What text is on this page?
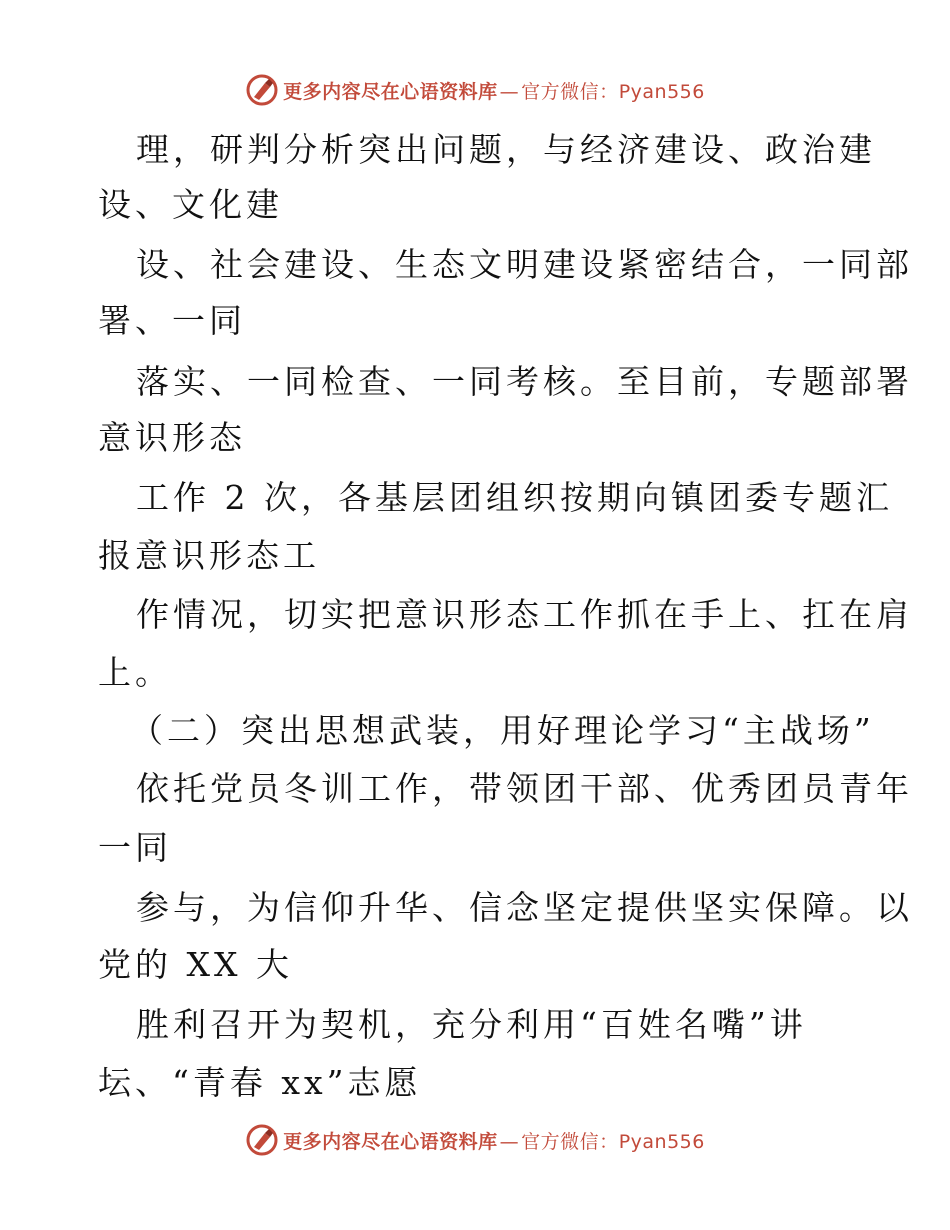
更多内容尽在心语资料库 — 官方微信：Pyan556
理，研判分析突出问题，与经济建设、政治建
设、文化建
设、社会建设、生态文明建设紧密结合，一同部
署、一同
落实、一同检查、一同考核。至目前，专题部署
意识形态
工作 2 次，各基层团组织按期向镇团委专题汇
报意识形态工
作情况，切实把意识形态工作抓在手上、扛在肩
上。
（二）突出思想武装，用好理论学习“主战场”
依托党员冬训工作，带领团干部、优秀团员青年
一同
参与，为信仰升华、信念坚定提供坚实保障。以
党的 XX 大
胜利召开为契机，充分利用“百姓名嘴”讲
坛、“青春 xx”志愿
更多内容尽在心语资料库 — 官方微信：Pyan556
